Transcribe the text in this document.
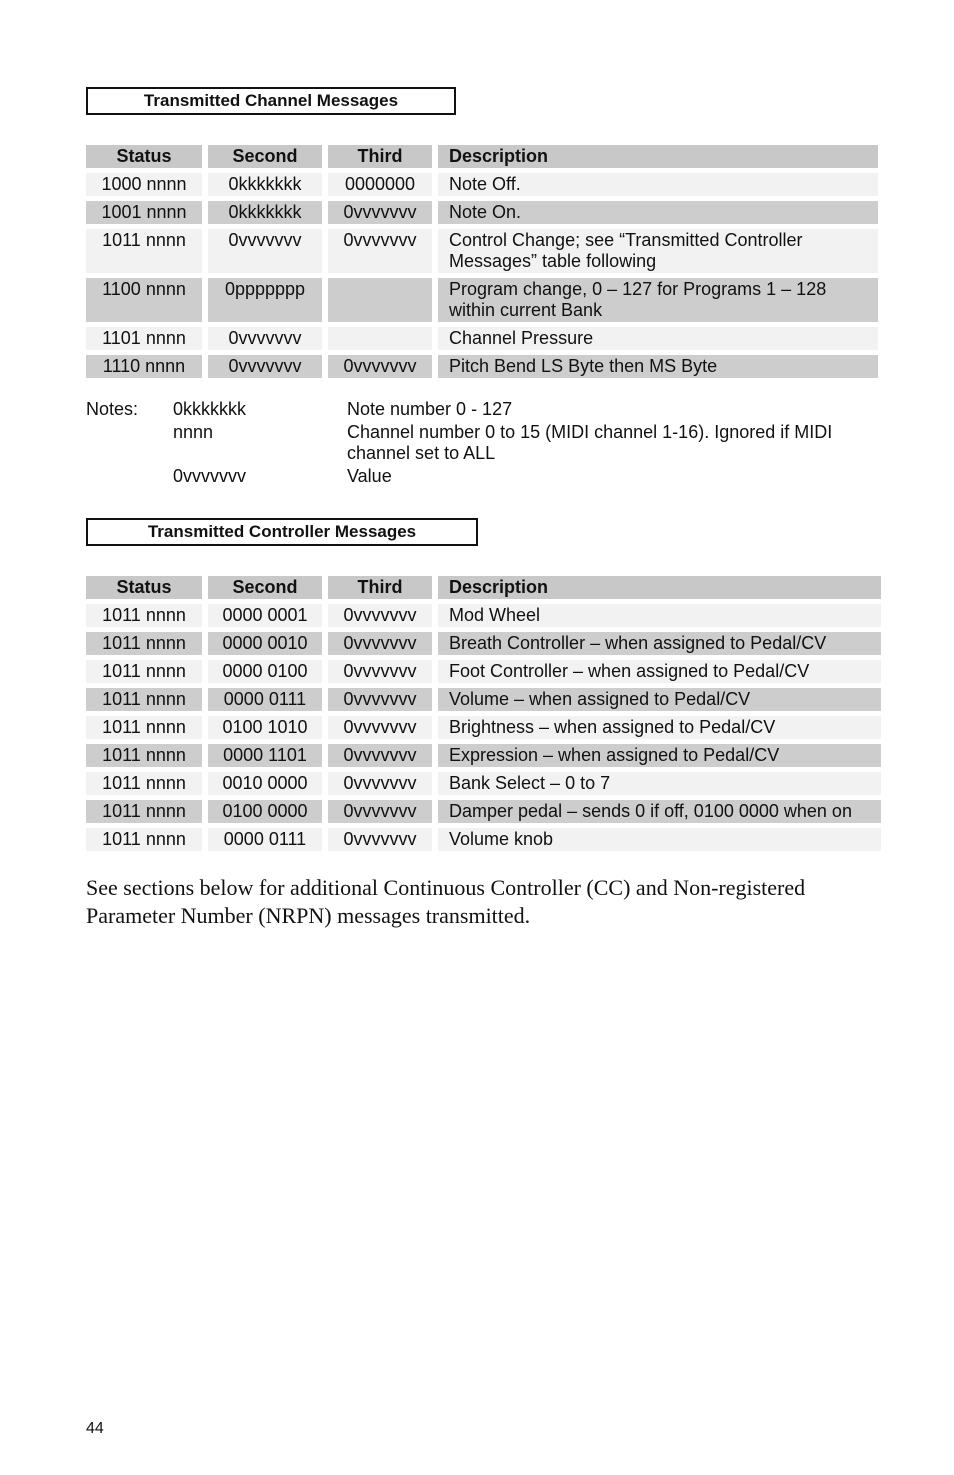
Transmitted Channel Messages
Status	Second	Third	Description
1000 nnnn	0kkkkkkk	0000000	Note Off.
1001 nnnn	0kkkkkkk	0vvvvvvv	Note On.
1011 nnnn	0vvvvvvv	0vvvvvvv	Control Change; see “Transmitted Controller Messages” table following
1100 nnnn	0ppppppp		Program change, 0 – 127 for Programs 1 – 128 within current Bank
1101 nnnn	0vvvvvvv		Channel Pressure
1110 nnnn	0vvvvvvv	0vvvvvvv	Pitch Bend LS Byte then MS Byte
Notes: 0kkkkkkk	Note number 0 - 127
nnnn	Channel number 0 to 15 (MIDI channel 1-16). Ignored if MIDI channel set to ALL
0vvvvvvv	Value
Transmitted Controller Messages
Status	Second	Third	Description
1011 nnnn	0000 0001	0vvvvvvv	Mod Wheel
1011 nnnn	0000 0010	0vvvvvvv	Breath Controller – when assigned to Pedal/CV
1011 nnnn	0000 0100	0vvvvvvv	Foot Controller – when assigned to Pedal/CV
1011 nnnn	0000 0111	0vvvvvvv	Volume – when assigned to Pedal/CV
1011 nnnn	0100 1010	0vvvvvvv	Brightness – when assigned to Pedal/CV
1011 nnnn	0000 1101	0vvvvvvv	Expression – when assigned to Pedal/CV
1011 nnnn	0010 0000	0vvvvvvv	Bank Select – 0 to 7
1011 nnnn	0100 0000	0vvvvvvv	Damper pedal – sends 0 if off, 0100 0000 when on
1011 nnnn	0000 0111	0vvvvvvv	Volume knob
See sections below for additional Continuous Controller (CC) and Non-registered Parameter Number (NRPN) messages transmitted.
44
